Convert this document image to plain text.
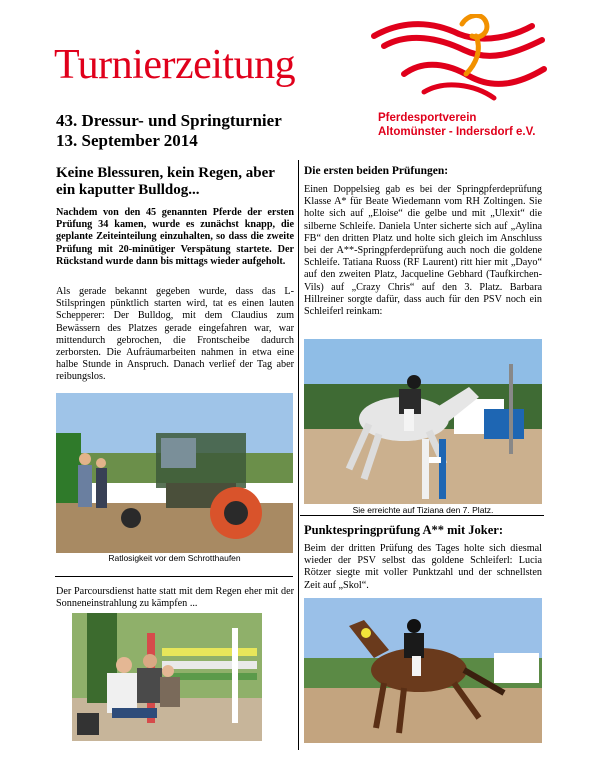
Turnierzeitung
43. Dressur- und Springturnier
13. September 2014
Pferdesportverein
Altomünster - Indersdorf e.V.
Keine Blessuren, kein Regen, aber ein kaputter Bulldog...
Nachdem von den 45 genannten Pferde der ersten Prüfung 34 kamen, wurde es zunächst knapp, die geplante Zeiteinteilung einzuhalten, so dass die zweite Prüfung mit 20-minütiger Verspätung startete. Der Rückstand wurde dann bis mittags wieder aufgeholt.
Als gerade bekannt gegeben wurde, dass das L-Stilspringen pünktlich starten wird, tat es einen lauten Schepperer: Der Bulldog, mit dem Claudius zum Bewässern des Platzes gerade eingefahren war, war mittendurch gebrochen, die Frontscheibe dadurch zerborsten. Die Aufräumarbeiten nahmen in etwa eine halbe Stunde in Anspruch. Danach verlief der Tag aber reibungslos.
Ratlosigkeit vor dem Schrotthaufen
Der Parcoursdienst hatte statt mit dem Regen eher mit der Sonneneinstrahlung zu kämpfen ...
Die ersten beiden Prüfungen:
Einen Doppelsieg gab es bei der Springpferdeprüfung Klasse A* für Beate Wiedemann vom RH Zoltingen. Sie holte sich auf „Eloise“ die gelbe und mit „Ulexit“ die silberne Schleife. Daniela Unter sicherte sich auf „Aylina FB“ den dritten Platz und holte sich gleich im Anschluss bei der A**-Springpferdeprüfung auch noch die goldene Schleife. Tatiana Ruoss (RF Laurent) ritt hier mit „Dayo“ auf den zweiten Platz, Jacqueline Gebhard (Taufkirchen-Vils) auf „Crazy Chris“ auf den 3. Platz. Barbara Hillreiner sorgte dafür, dass auch für den PSV noch ein Schleiferl reinkam:
Sie erreichte auf Tiziana den 7. Platz.
Punktespringprüfung A** mit Joker:
Beim der dritten Prüfung des Tages holte sich diesmal wieder der PSV selbst das goldene Schleiferl: Lucia Rötzer siegte mit voller Punktzahl und der schnellsten Zeit auf „Skol“.
